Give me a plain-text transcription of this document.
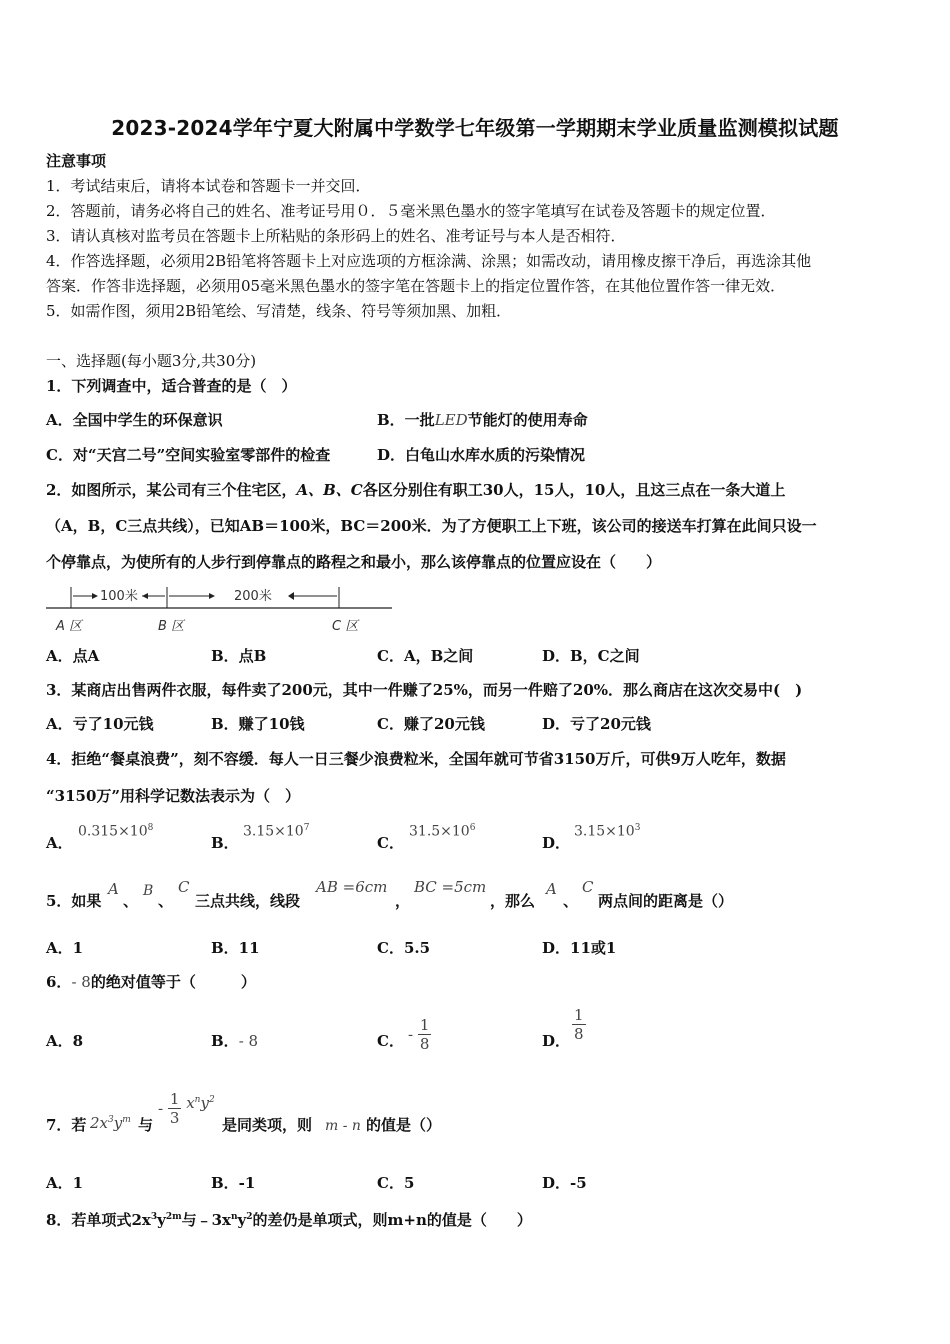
2023-2024学年宁夏大附属中学数学七年级第一学期期末学业质量监测模拟试题
注意事项
1．考试结束后，请将本试卷和答题卡一并交回．
2．答题前，请务必将自己的姓名、准考证号用０．５毫米黑色墨水的签字笔填写在试卷及答题卡的规定位置．
3．请认真核对监考员在答题卡上所粘贴的条形码上的姓名、准考证号与本人是否相符．
4．作答选择题，必须用2B铅笔将答题卡上对应选项的方框涂满、涂黑；如需改动，请用橡皮擦干净后，再选涂其他
答案．作答非选择题，必须用05毫米黑色墨水的签字笔在答题卡上的指定位置作答，在其他位置作答一律无效．
5．如需作图，须用2B铅笔绘、写清楚，线条、符号等须加黑、加粗．
一、选择题(每小题3分,共30分)
1．下列调查中，适合普查的是（　）
A．全国中学生的环保意识	B．一批LED节能灯的使用寿命
C．对“天宫二号”空间实验室零部件的检查	D．白龟山水库水质的污染情况
2．如图所示，某公司有三个住宅区，A、B、C各区分别住有职工30人，15人，10人，且这三点在一条大道上
（A，B，C三点共线），已知AB＝100米，BC＝200米．为了方便职工上下班，该公司的接送车打算在此间只设一
个停靠点，为使所有的人步行到停靠点的路程之和最小，那么该停靠点的位置应设在（　　）
100米	200米
A 区	B 区	C 区
A．点A	B．点B	C．A，B之间	D．B，C之间
3．某商店出售两件衣服，每件卖了200元，其中一件赚了25%，而另一件赔了20%．那么商店在这次交易中(　)
A．亏了10元钱	B．赚了10钱	C．赚了20元钱	D．亏了20元钱
4．拒绝“餐桌浪费”，刻不容缓．每人一日三餐少浪费粒米，全国年就可节省3150万斤，可供9万人吃年，数据
“3150万”用科学记数法表示为（　）
A．
$0.315\times 10^8$
B．
$3.15\times 10^7$
C．
$31.5\times 10^6$
D．
$3.15\times 10^3$
5．如果
A
、
B
、
C
三点共线，线段
AB =6cm
，
BC =5cm
，那么
A
、
C
两点间的距离是（）
A．1	B．11	C．5.5	D．11或1
6．- 8的绝对值等于（　　　）
A．8	B．- 8	C． - $\frac{1}{8}$	D． $\frac{1}{8}$
7．若 $2x^3y^m$ 与
- $\frac{1}{3} x^ny^2$
是同类项，则 m - n 的值是（）
A．1	B．-1	C．5	D．-5
8．若单项式$2x^3y^{2m}$与$﹣3x^ny^2$的差仍是单项式，则m+n的值是（　　）
